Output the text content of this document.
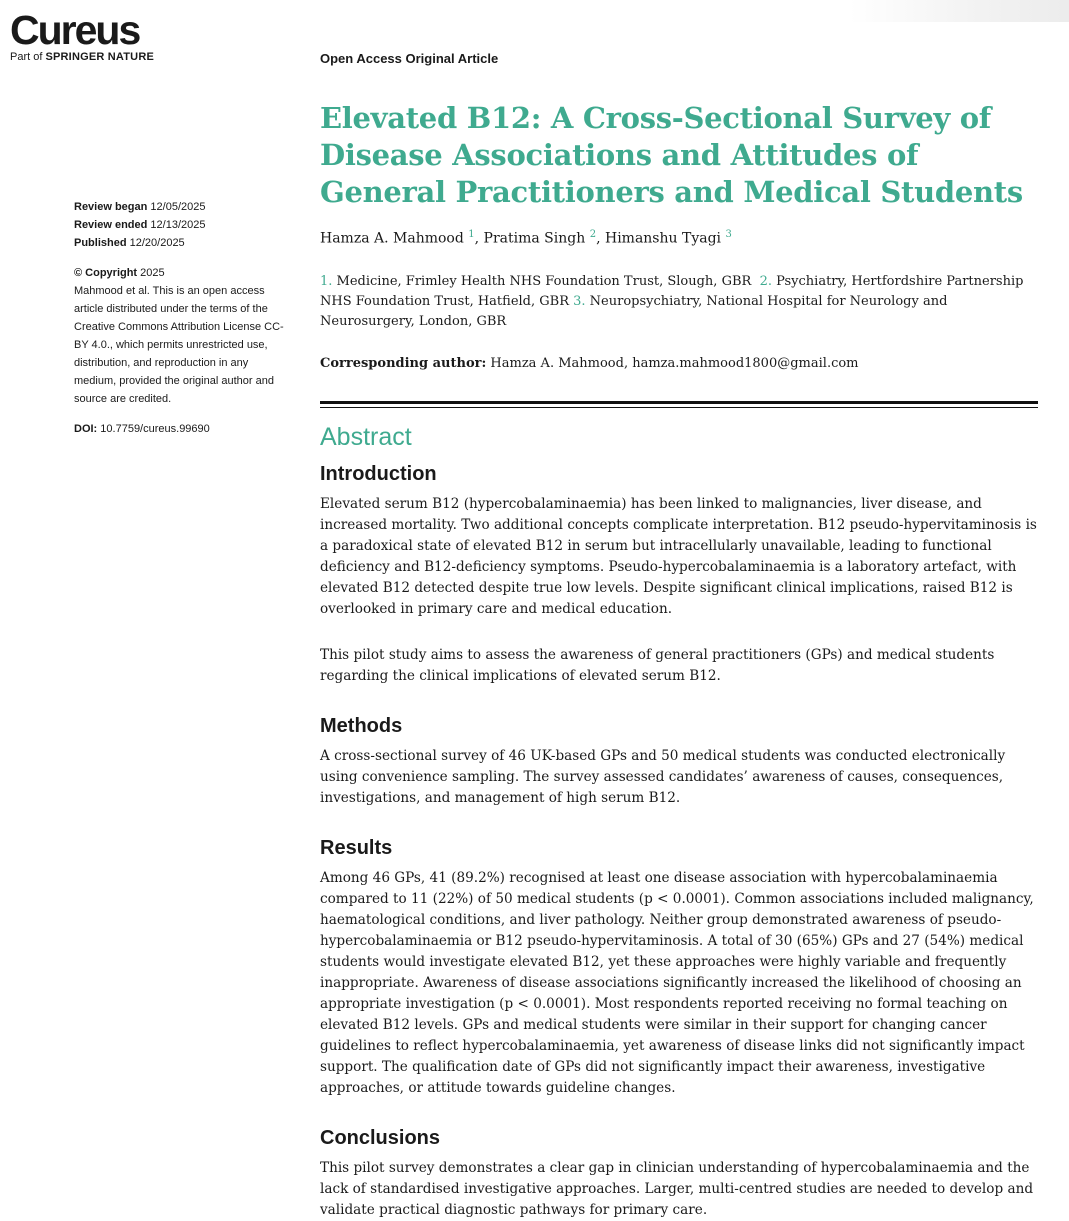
Cureus
Part of SPRINGER NATURE	Open Access Original Article
Review began 12/05/2025
Review ended 12/13/2025
Published 12/20/2025
© Copyright 2025
Mahmood et al. This is an open access article distributed under the terms of the Creative Commons Attribution License CC-BY 4.0., which permits unrestricted use, distribution, and reproduction in any medium, provided the original author and source are credited.
DOI: 10.7759/cureus.99690
Elevated B12: A Cross-Sectional Survey of Disease Associations and Attitudes of General Practitioners and Medical Students
Hamza A. Mahmood $^1$, Pratima Singh $^2$, Himanshu Tyagi $^3$
1. Medicine, Frimley Health NHS Foundation Trust, Slough, GBR 2. Psychiatry, Hertfordshire Partnership NHS Foundation Trust, Hatfield, GBR 3. Neuropsychiatry, National Hospital for Neurology and Neurosurgery, London, GBR
Corresponding author: Hamza A. Mahmood, hamza.mahmood1800@gmail.com
Abstract
Introduction

Elevated serum B12 (hypercobalaminaemia) has been linked to malignancies, liver disease, and increased mortality. Two additional concepts complicate interpretation. B12 pseudo-hypervitaminosis is a paradoxical state of elevated B12 in serum but intracellularly unavailable, leading to functional deficiency and B12-deficiency symptoms. Pseudo-hypercobalaminaemia is a laboratory artefact, with elevated B12 detected despite true low levels. Despite significant clinical implications, raised B12 is overlooked in primary care and medical education.

This pilot study aims to assess the awareness of general practitioners (GPs) and medical students regarding the clinical implications of elevated serum B12.

Methods

A cross-sectional survey of 46 UK-based GPs and 50 medical students was conducted electronically using convenience sampling. The survey assessed candidates’ awareness of causes, consequences, investigations, and management of high serum B12.

Results

Among 46 GPs, 41 (89.2%) recognised at least one disease association with hypercobalaminaemia compared to 11 (22%) of 50 medical students (p < 0.0001). Common associations included malignancy, haematological conditions, and liver pathology. Neither group demonstrated awareness of pseudo-hypercobalaminaemia or B12 pseudo-hypervitaminosis. A total of 30 (65%) GPs and 27 (54%) medical students would investigate elevated B12, yet these approaches were highly variable and frequently inappropriate. Awareness of disease associations significantly increased the likelihood of choosing an appropriate investigation (p < 0.0001). Most respondents reported receiving no formal teaching on elevated B12 levels. GPs and medical students were similar in their support for changing cancer guidelines to reflect hypercobalaminaemia, yet awareness of disease links did not significantly impact support. The qualification date of GPs did not significantly impact their awareness, investigative approaches, or attitude towards guideline changes.

Conclusions

This pilot survey demonstrates a clear gap in clinician understanding of hypercobalaminaemia and the lack of standardised investigative approaches. Larger, multi-centred studies are needed to develop and validate practical diagnostic pathways for primary care.
